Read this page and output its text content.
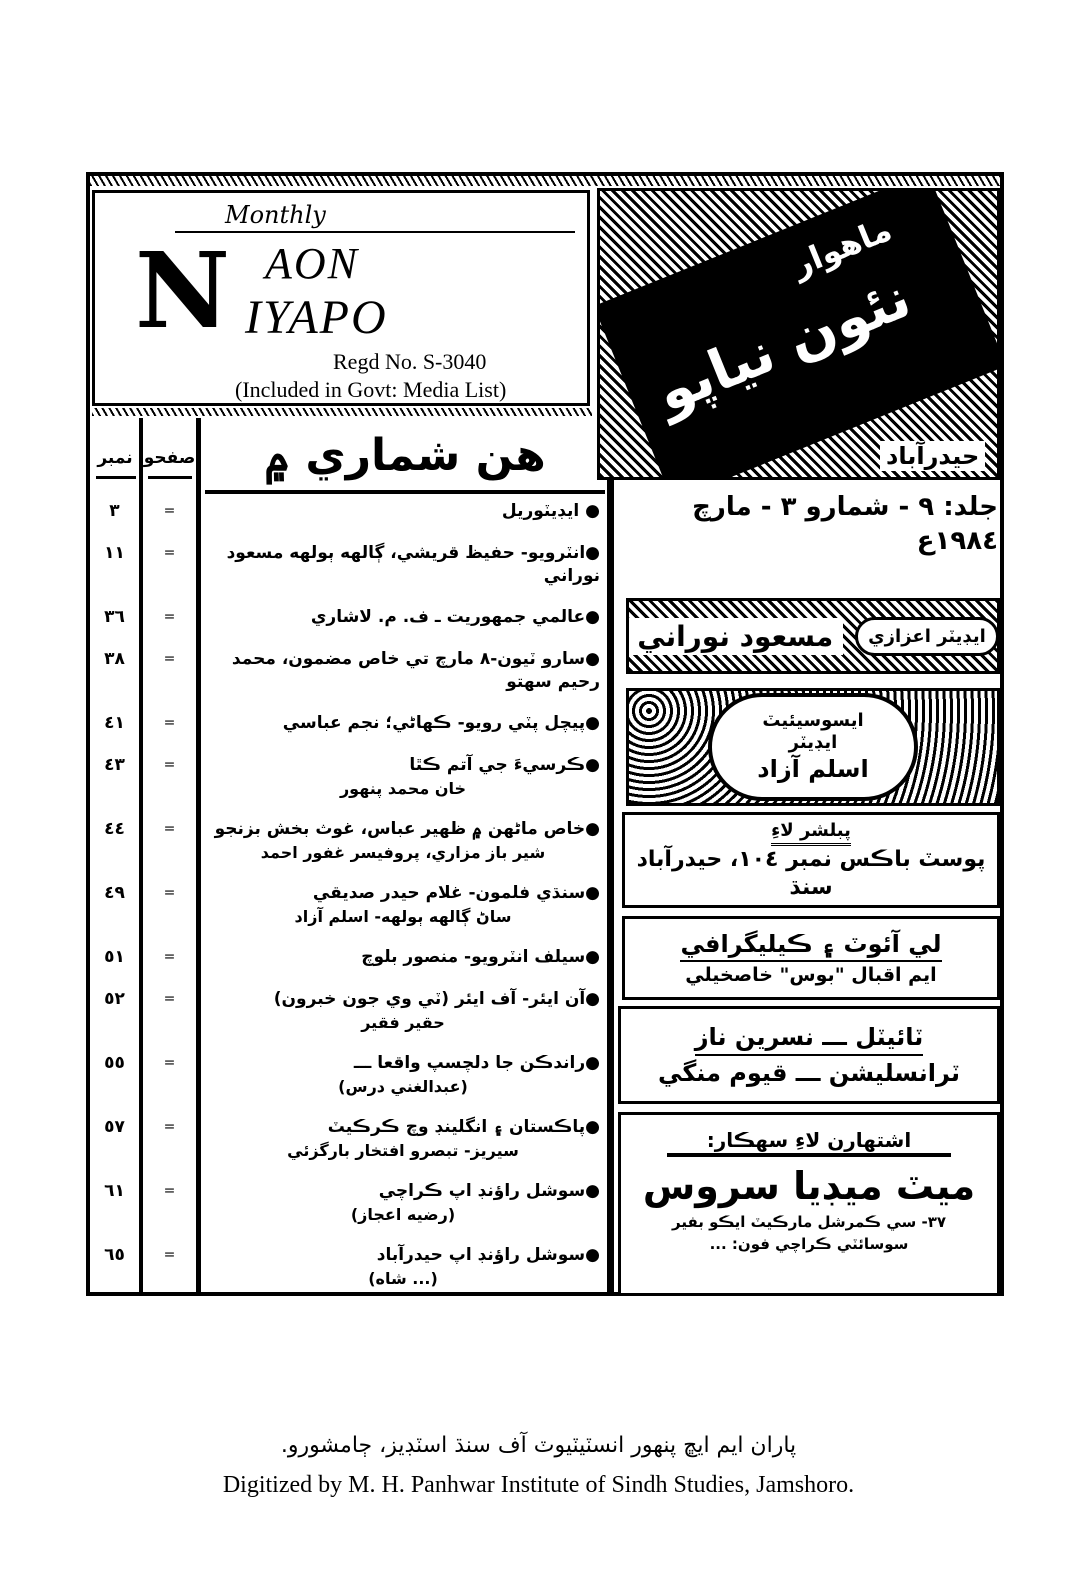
Monthly
N AON
IYAPO
Regd No. S-3040
(Included in Govt: Media List)
نمبر صفحو	هن شماري ۾
٣	=	● ايڊيٽوريل
١١	=	●انٽرويو- حفيظ قريشي، ڳالهه ٻولهه مسعود نوراني
٣٦	=	●عالمي جمهوريت ـ ف. م. لاشاري
٣٨	=	●سارو ٽيون-٨ مارچ تي خاص مضمون، محمد رحيم سهتو
٤١	=	●پيچل پٽي رويو- ڪهاڻي؛ نجم عباسي
٤٣	=	●ڪرسيءَ جي آتم ڪٿا
خان محمد پنهور
٤٤	=	●خاص ماڻهن ۾ ظهير عباس، غوث بخش بزنجو
شير باز مزاري، پروفيسر غفور احمد
٤٩	=	●سنڌي فلمون- غلام حيدر صديقي
ساڻ ڳالهه ٻولهه- اسلم آزاد
٥١	=	●سيلف انٽرويو- منصور بلوچ
٥٢	=	●آن ايئر- آف ايئر (ٽي وي جون خبرون)
حقير فقير
٥٥	=	●راندڪن جا دلچسپ واقعا ـــ
(عبدالغني درس)
٥٧	=	●پاڪستان ۽ انگلينڊ وچ ڪرڪيٽ
سيريز- تبصرو افتخار بارگزئي
٦١	=	●سوشل راؤنڊ اپ ڪراچي
(رضيه اعجاز)
٦٥	=	●سوشل راؤنڊ اپ حيدرآباد
(... شاه)
ماهوار
نئون نياپو
حيدرآباد
جلد: ٩ - شمارو ٣ - مارچ ١٩٨٤ع
ايڊيٽر اعزازي
مسعود نوراني
ايسوسيئيٽ
ايڊيٽر
اسلم آزاد
پبلشر لاءِ
پوسٽ باڪس نمبر ١٠٤، حيدرآباد سنڌ
لي آئوٽ ۽ ڪيليگرافي
ايم اقبال "بوس" خاصخيلي
ٽائيٽل ـــ نسرين ناز
ٽرانسليشن ـــ قيوم منگي
اشتهارن لاءِ سهڪار:
ميٽ ميڊيا سروس
٣٧- سي ڪمرشل مارڪيٽ ايڪو بفير
سوسائٽي ڪراچي فون: ...
پاران ايم ايڇ پنھور انسٽيٽيوٽ آف سنڌ اسٽڊيز، ڄامشورو.
Digitized by M. H. Panhwar Institute of Sindh Studies, Jamshoro.
